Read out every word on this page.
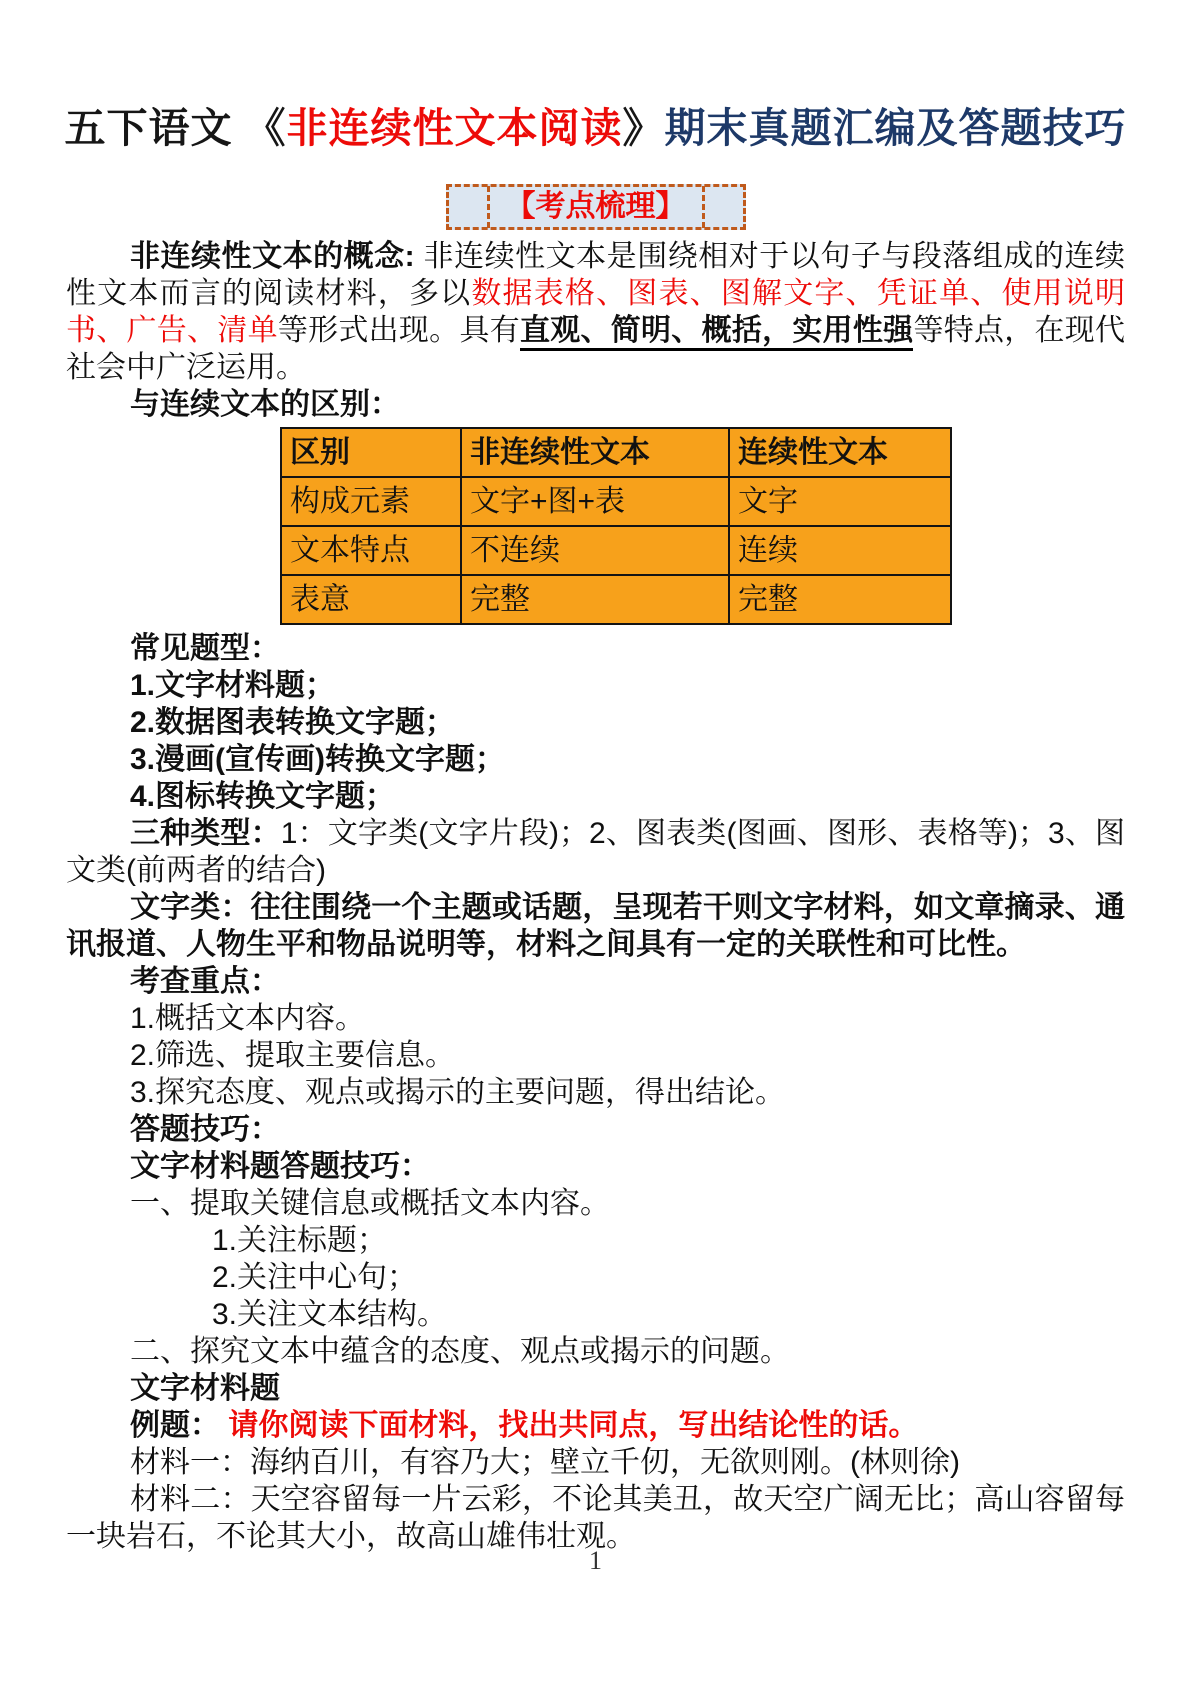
五下语文 《非连续性文本阅读》期末真题汇编及答题技巧
【考点梳理】

非连续性文本的概念: 非连续性文本是围绕相对于以句子与段落组成的连续性文本而言的阅读材料，多以数据表格、图表、图解文字、凭证单、使用说明书、广告、清单等形式出现。具有直观、简明、概括，实用性强等特点，在现代社会中广泛运用。

与连续文本的区别：

区别	非连续性文本	连续性文本
构成元素	文字+图+表	文字
文本特点	不连续	连续
表意	完整	完整

常见题型：

1.文字材料题；

2.数据图表转换文字题；

3.漫画(宣传画)转换文字题；

4.图标转换文字题；

三种类型：1：文字类(文字片段)；2、图表类(图画、图形、表格等)；3、图文类(前两者的结合)

文字类：往往围绕一个主题或话题，呈现若干则文字材料，如文章摘录、通讯报道、人物生平和物品说明等，材料之间具有一定的关联性和可比性。

考查重点：

1.概括文本内容。

2.筛选、提取主要信息。

3.探究态度、观点或揭示的主要问题，得出结论。

答题技巧：

文字材料题答题技巧：

一、提取关键信息或概括文本内容。

1.关注标题；

2.关注中心句；

3.关注文本结构。

二、探究文本中蕴含的态度、观点或揭示的问题。

文字材料题

例题： 请你阅读下面材料，找出共同点，写出结论性的话。

材料一：海纳百川，有容乃大；壁立千仞，无欲则刚。(林则徐)

材料二：天空容留每一片云彩，不论其美丑，故天空广阔无比；高山容留每一块岩石，不论其大小，故高山雄伟壮观。

1
